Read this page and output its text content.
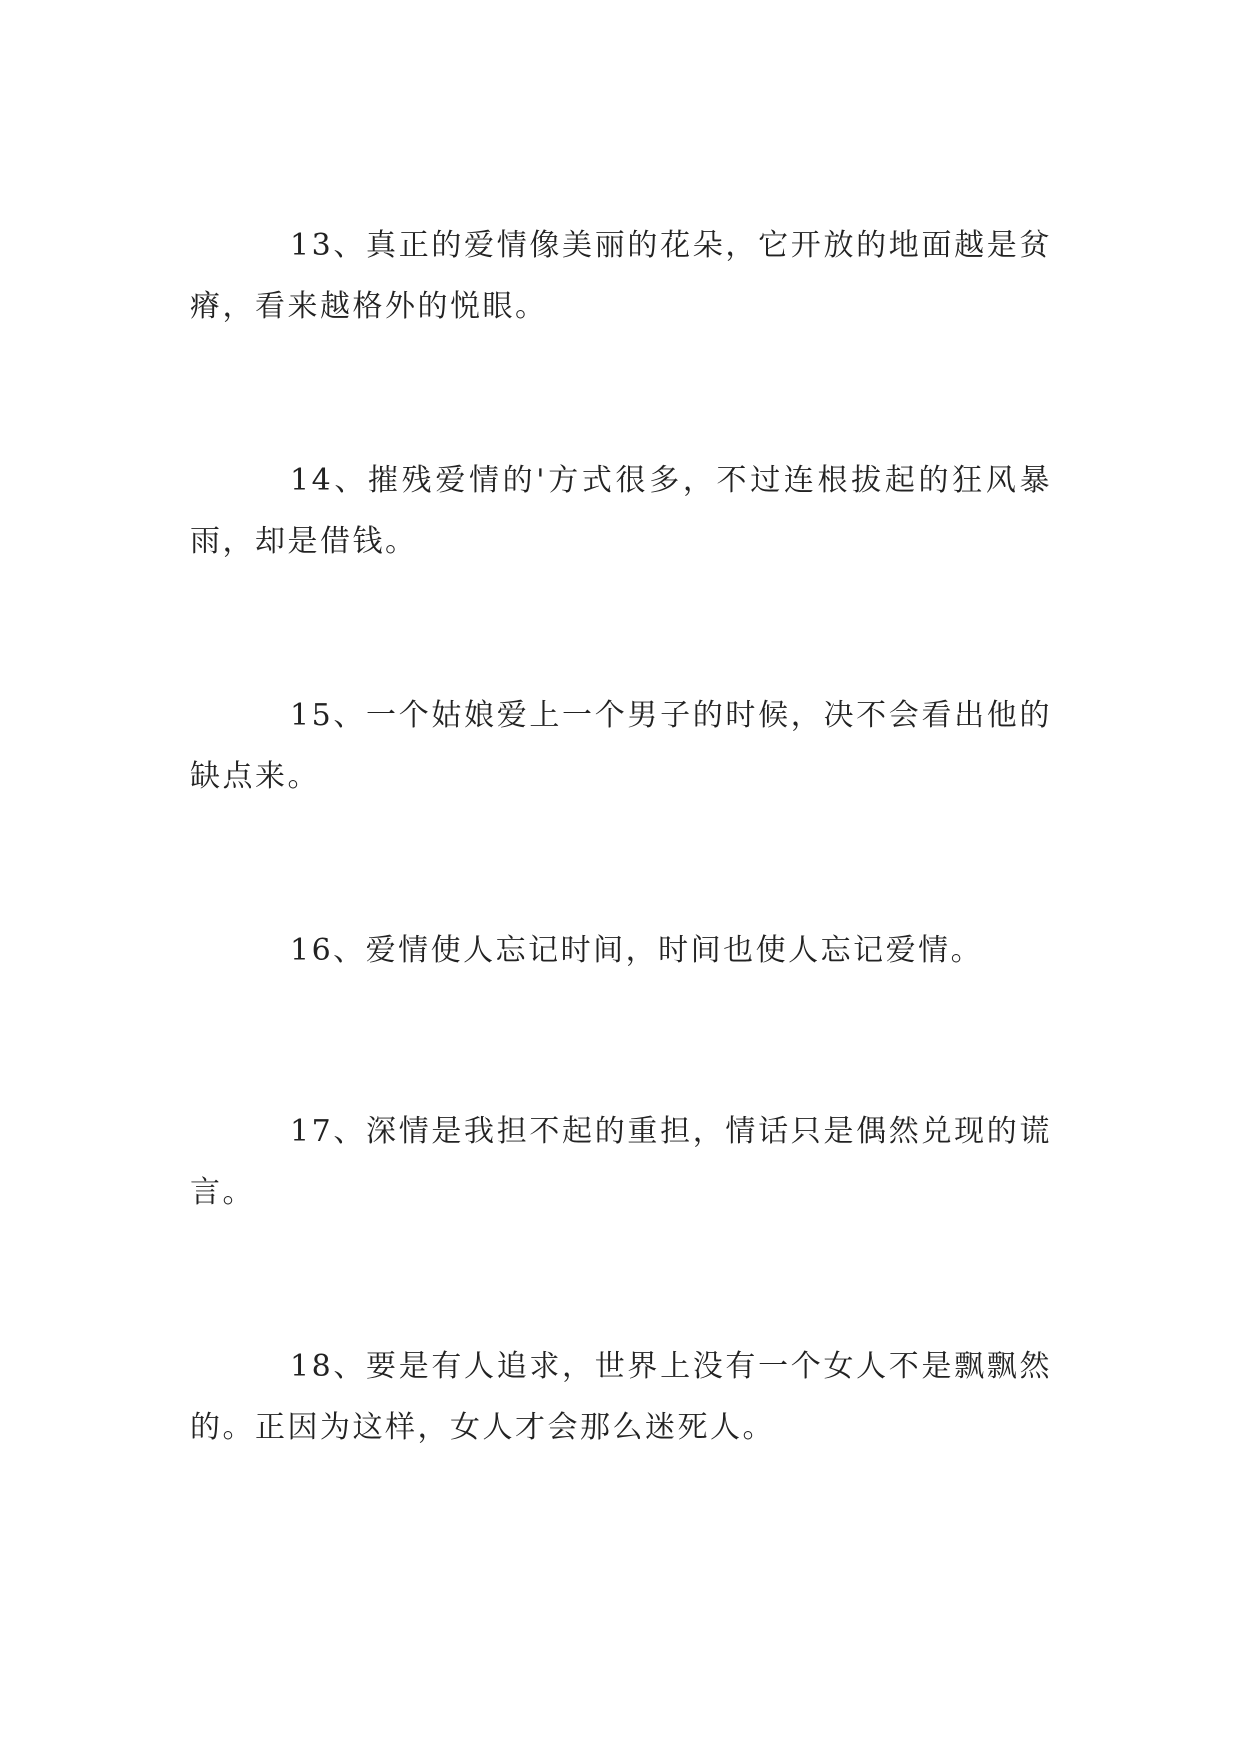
13、真正的爱情像美丽的花朵，它开放的地面越是贫瘠，看来越格外的悦眼。

14、摧残爱情的'方式很多，不过连根拔起的狂风暴雨，却是借钱。

15、一个姑娘爱上一个男子的时候，决不会看出他的缺点来。

16、爱情使人忘记时间，时间也使人忘记爱情。

17、深情是我担不起的重担，情话只是偶然兑现的谎言。

18、要是有人追求，世界上没有一个女人不是飘飘然的。正因为这样，女人才会那么迷死人。
